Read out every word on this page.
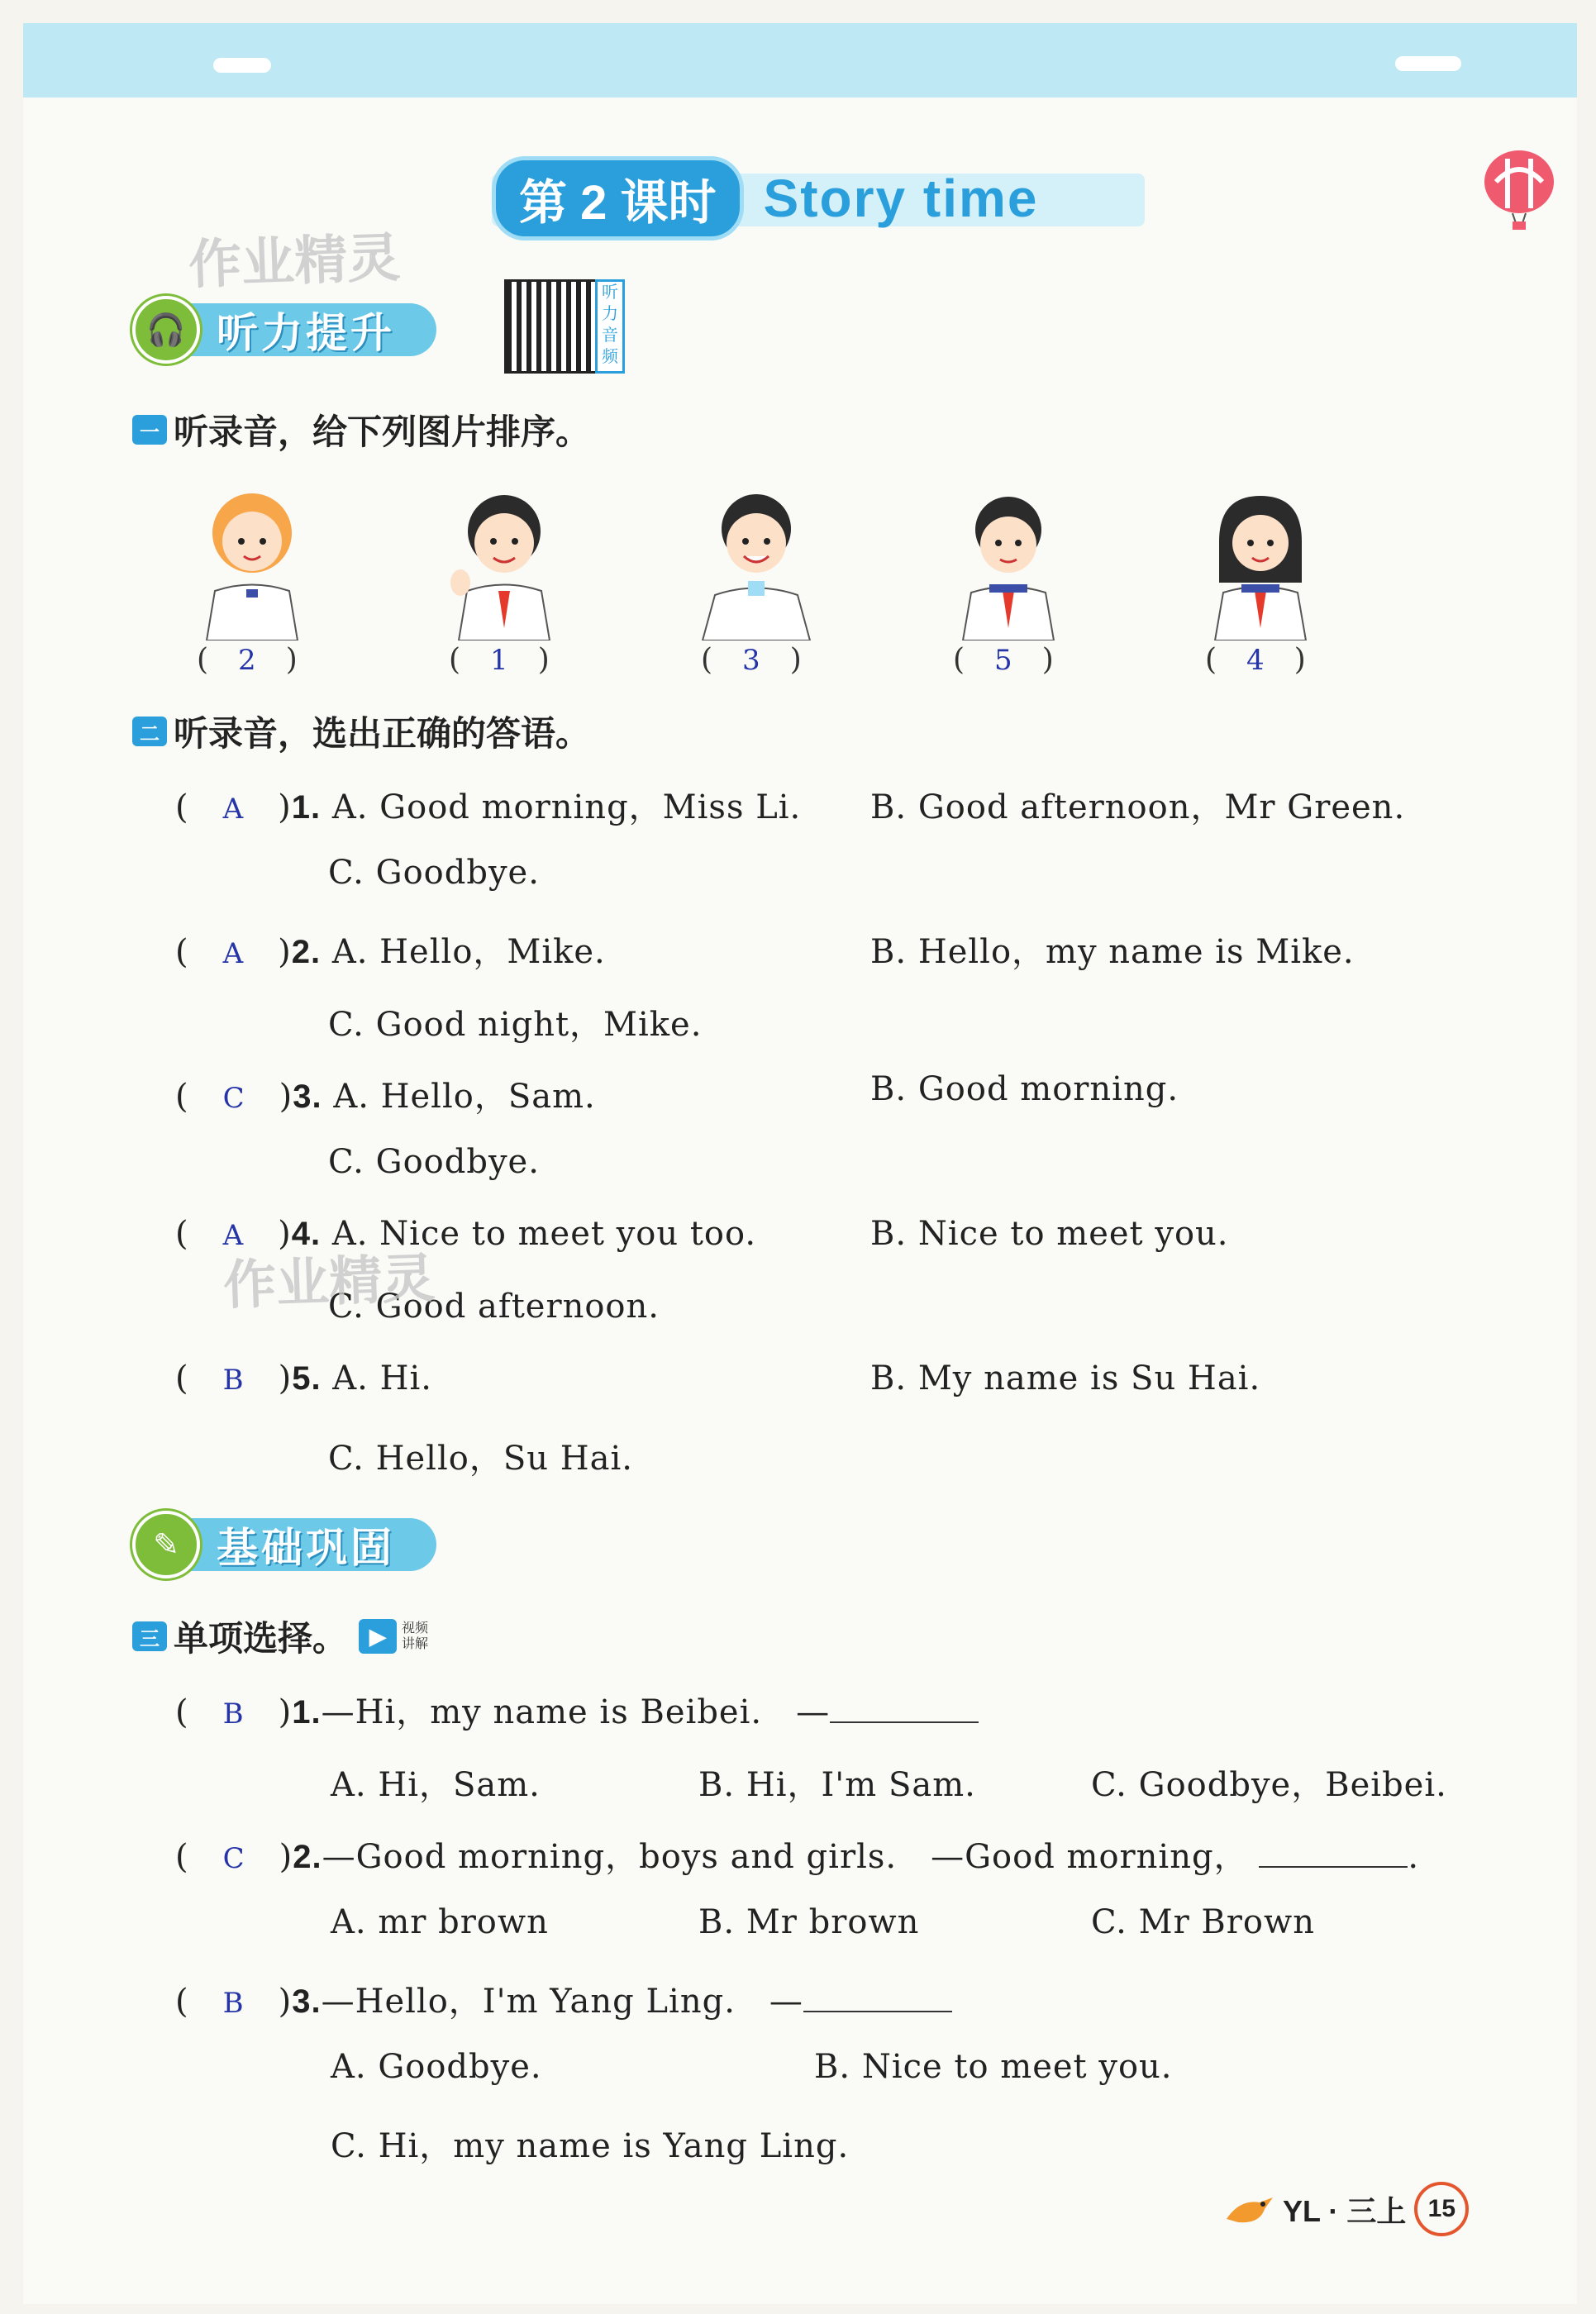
第 2 课时 Story time
作业精灵
🎧 听力提升
听力音频
一 听录音，给下列图片排序。
( 2 )	( 1 )	( 3 )	( 5 )	( 4 )
二 听录音，选出正确的答语。
( A )1. A. Good morning，Miss Li. B. Good afternoon，Mr Green.
C. Goodbye.
( A )2. A. Hello，Mike.	B. Hello，my name is Mike.
C. Good night，Mike.
( C )3. A. Hello，Sam.	B. Good morning.
C. Goodbye.
( A )4. A. Nice to meet you too.	B. Nice to meet you.
C. Good afternoon.
作业精灵
( B )5. A. Hi.	B. My name is Su Hai.
C. Hello，Su Hai.
✎ 基础巩固
三 单项选择。	▶	视频讲解
( B )1.—Hi，my name is Beibei.　—
A. Hi，Sam.	B. Hi，I'm Sam.	C. Goodbye，Beibei.
( C )2.—Good morning，boys and girls.　—Good morning，	.
A. mr brown	B. Mr brown	C. Mr Brown
( B )3.—Hello，I'm Yang Ling.　—
A. Goodbye.	B. Nice to meet you.
C. Hi，my name is Yang Ling.
YL · 三上 15
